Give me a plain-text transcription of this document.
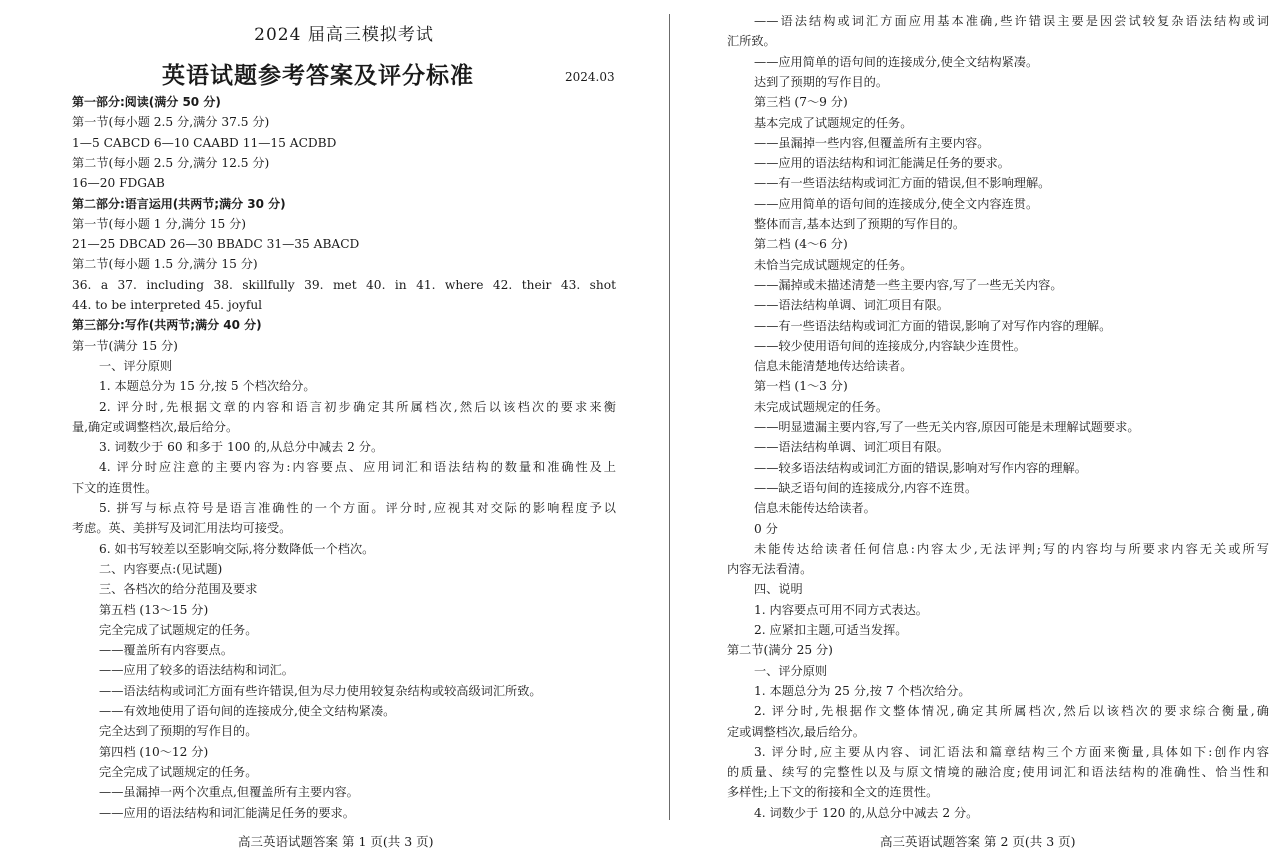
2024 届高三模拟考试
英语试题参考答案及评分标准	2024.03
第一部分:阅读(满分 50 分)
第一节(每小题 2.5 分,满分 37.5 分)
1—5 CABCD 6—10 CAABD 11—15 ACDBD
第二节(每小题 2.5 分,满分 12.5 分)
16—20 FDGAB
第二部分:语言运用(共两节;满分 30 分)
第一节(每小题 1 分,满分 15 分)
21—25 DBCAD 26—30 BBADC 31—35 ABACD
第二节(每小题 1.5 分,满分 15 分)
36. a 37. including 38. skillfully 39. met 40. in 41. where 42. their 43. shot
44. to be interpreted 45. joyful
第三部分:写作(共两节;满分 40 分)
第一节(满分 15 分)
一、评分原则
1. 本题总分为 15 分,按 5 个档次给分。
2. 评分时,先根据文章的内容和语言初步确定其所属档次,然后以该档次的要求来衡
量,确定或调整档次,最后给分。
3. 词数少于 60 和多于 100 的,从总分中减去 2 分。
4. 评分时应注意的主要内容为:内容要点、应用词汇和语法结构的数量和准确性及上
下文的连贯性。
5. 拼写与标点符号是语言准确性的一个方面。评分时,应视其对交际的影响程度予以
考虑。英、美拼写及词汇用法均可接受。
6. 如书写较差以至影响交际,将分数降低一个档次。
二、内容要点:(见试题)
三、各档次的给分范围及要求
第五档 (13～15 分)
完全完成了试题规定的任务。
——覆盖所有内容要点。
——应用了较多的语法结构和词汇。
——语法结构或词汇方面有些许错误,但为尽力使用较复杂结构或较高级词汇所致。
——有效地使用了语句间的连接成分,使全文结构紧凑。
完全达到了预期的写作目的。
第四档 (10～12 分)
完全完成了试题规定的任务。
——虽漏掉一两个次重点,但覆盖所有主要内容。
——应用的语法结构和词汇能满足任务的要求。
——语法结构或词汇方面应用基本准确,些许错误主要是因尝试较复杂语法结构或词
汇所致。
——应用简单的语句间的连接成分,使全文结构紧凑。
达到了预期的写作目的。
第三档 (7～9 分)
基本完成了试题规定的任务。
——虽漏掉一些内容,但覆盖所有主要内容。
——应用的语法结构和词汇能满足任务的要求。
——有一些语法结构或词汇方面的错误,但不影响理解。
——应用简单的语句间的连接成分,使全文内容连贯。
整体而言,基本达到了预期的写作目的。
第二档 (4～6 分)
未恰当完成试题规定的任务。
——漏掉或未描述清楚一些主要内容,写了一些无关内容。
——语法结构单调、词汇项目有限。
——有一些语法结构或词汇方面的错误,影响了对写作内容的理解。
——较少使用语句间的连接成分,内容缺少连贯性。
信息未能清楚地传达给读者。
第一档 (1～3 分)
未完成试题规定的任务。
——明显遗漏主要内容,写了一些无关内容,原因可能是未理解试题要求。
——语法结构单调、词汇项目有限。
——较多语法结构或词汇方面的错误,影响对写作内容的理解。
——缺乏语句间的连接成分,内容不连贯。
信息未能传达给读者。
0 分
未能传达给读者任何信息:内容太少,无法评判;写的内容均与所要求内容无关或所写
内容无法看清。
四、说明
1. 内容要点可用不同方式表达。
2. 应紧扣主题,可适当发挥。
第二节(满分 25 分)
一、评分原则
1. 本题总分为 25 分,按 7 个档次给分。
2. 评分时,先根据作文整体情况,确定其所属档次,然后以该档次的要求综合衡量,确
定或调整档次,最后给分。
3. 评分时,应主要从内容、词汇语法和篇章结构三个方面来衡量,具体如下:创作内容
的质量、续写的完整性以及与原文情境的融洽度;使用词汇和语法结构的准确性、恰当性和
多样性;上下文的衔接和全文的连贯性。
4. 词数少于 120 的,从总分中减去 2 分。
高三英语试题答案 第 1 页(共 3 页)	高三英语试题答案 第 2 页(共 3 页)
